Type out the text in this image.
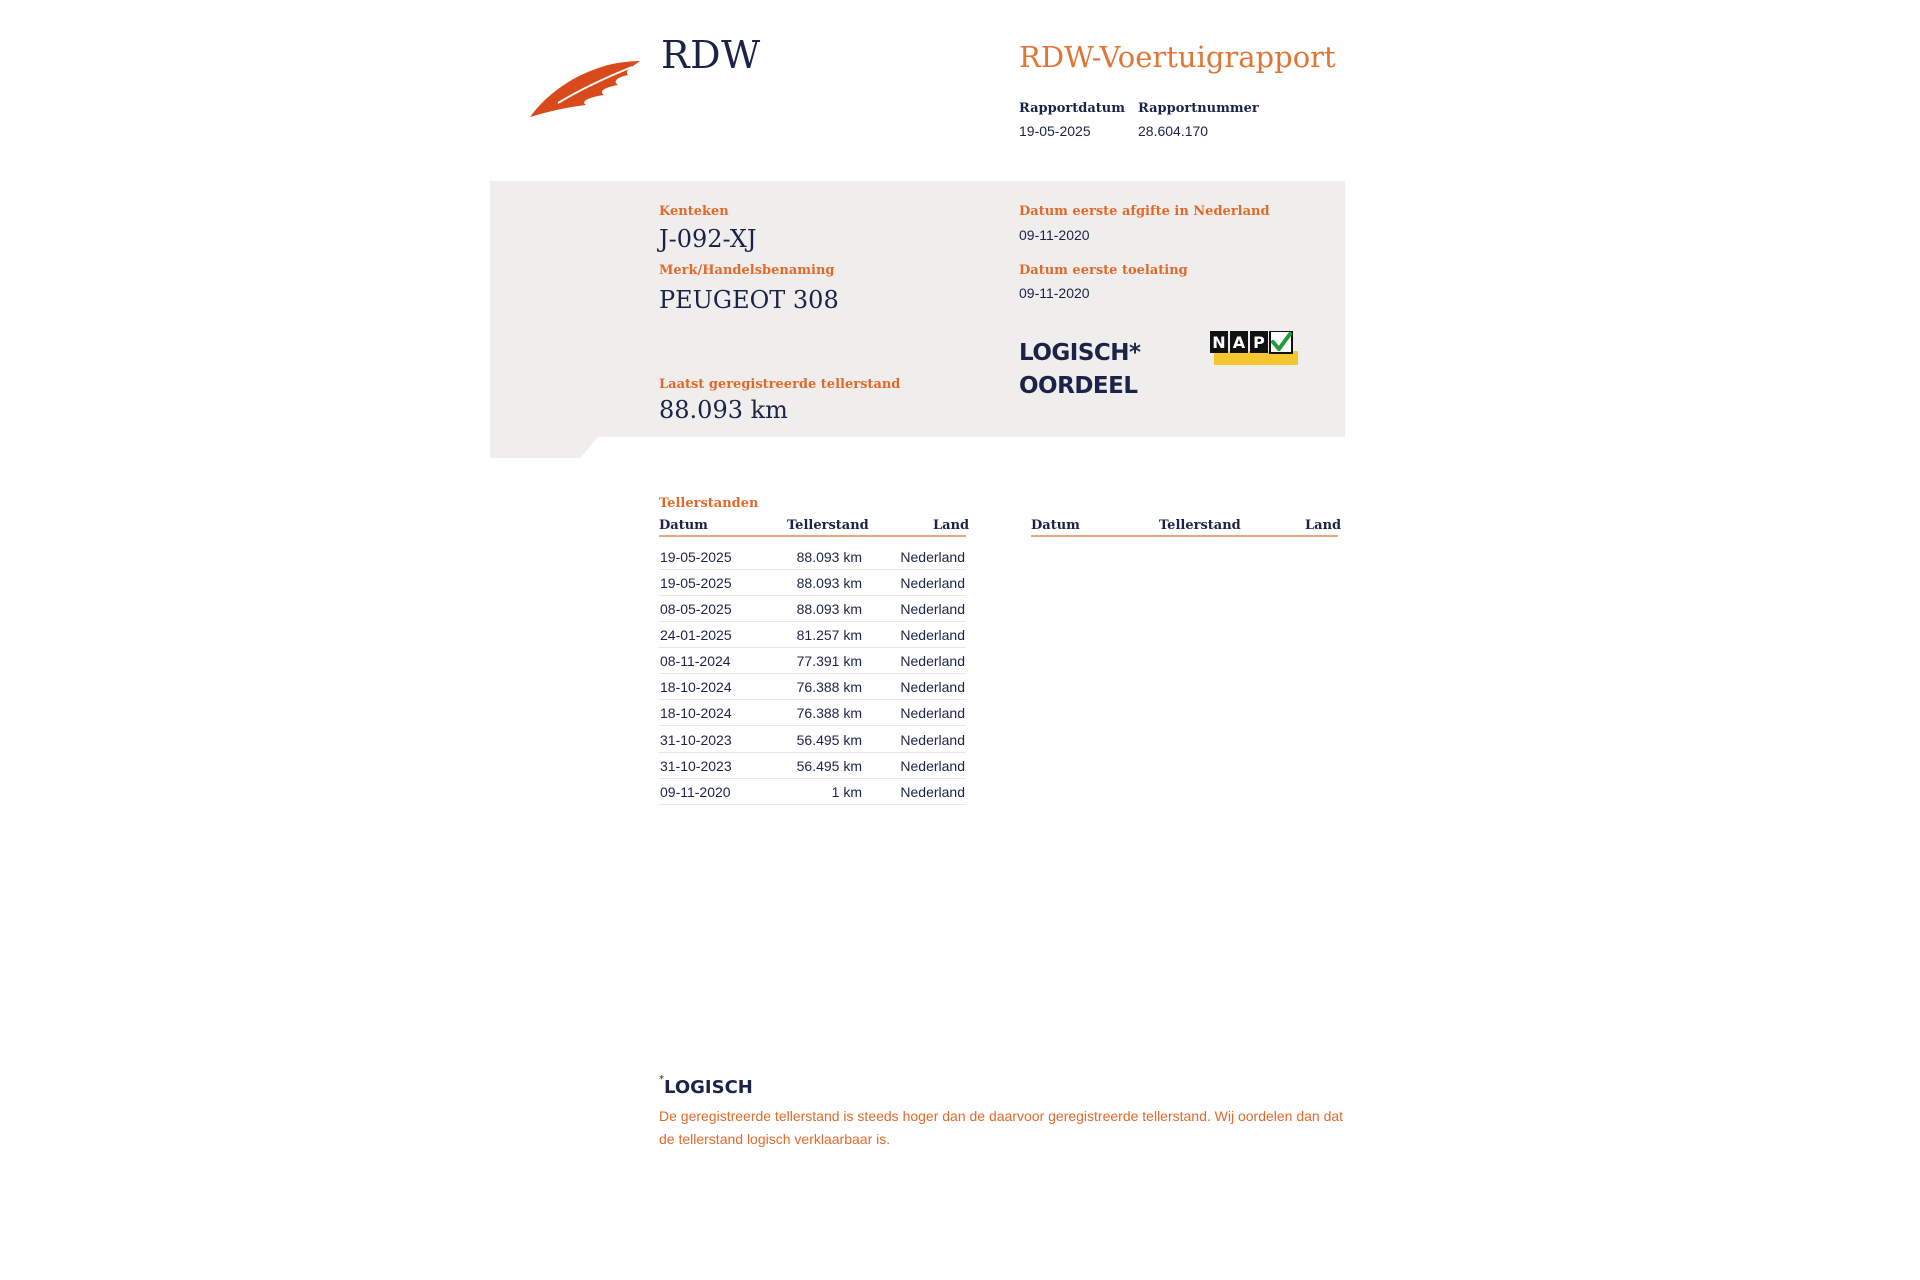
RDW	RDW-Voertuigrapport
Rapportdatum
19-05-2025
Rapportnummer
28.604.170
Kenteken
J-092-XJ
Merk/Handelsbenaming
PEUGEOT 308
Laatst geregistreerde tellerstand
88.093 km
Datum eerste afgifte in Nederland
09-11-2020
Datum eerste toelating
09-11-2020
LOGISCH*
OORDEEL
N A P
Tellerstanden
Datum	Tellerstand	Land	Datum	Tellerstand	Land
19-05-2025	88.093 km	Nederland
19-05-2025	88.093 km	Nederland
08-05-2025	88.093 km	Nederland
24-01-2025	81.257 km	Nederland
08-11-2024	77.391 km	Nederland
18-10-2024	76.388 km	Nederland
18-10-2024	76.388 km	Nederland
31-10-2023	56.495 km	Nederland
31-10-2023	56.495 km	Nederland
09-11-2020	1 km	Nederland
*LOGISCH
De geregistreerde tellerstand is steeds hoger dan de daarvoor geregistreerde tellerstand. Wij oordelen dan dat de tellerstand logisch verklaarbaar is.
